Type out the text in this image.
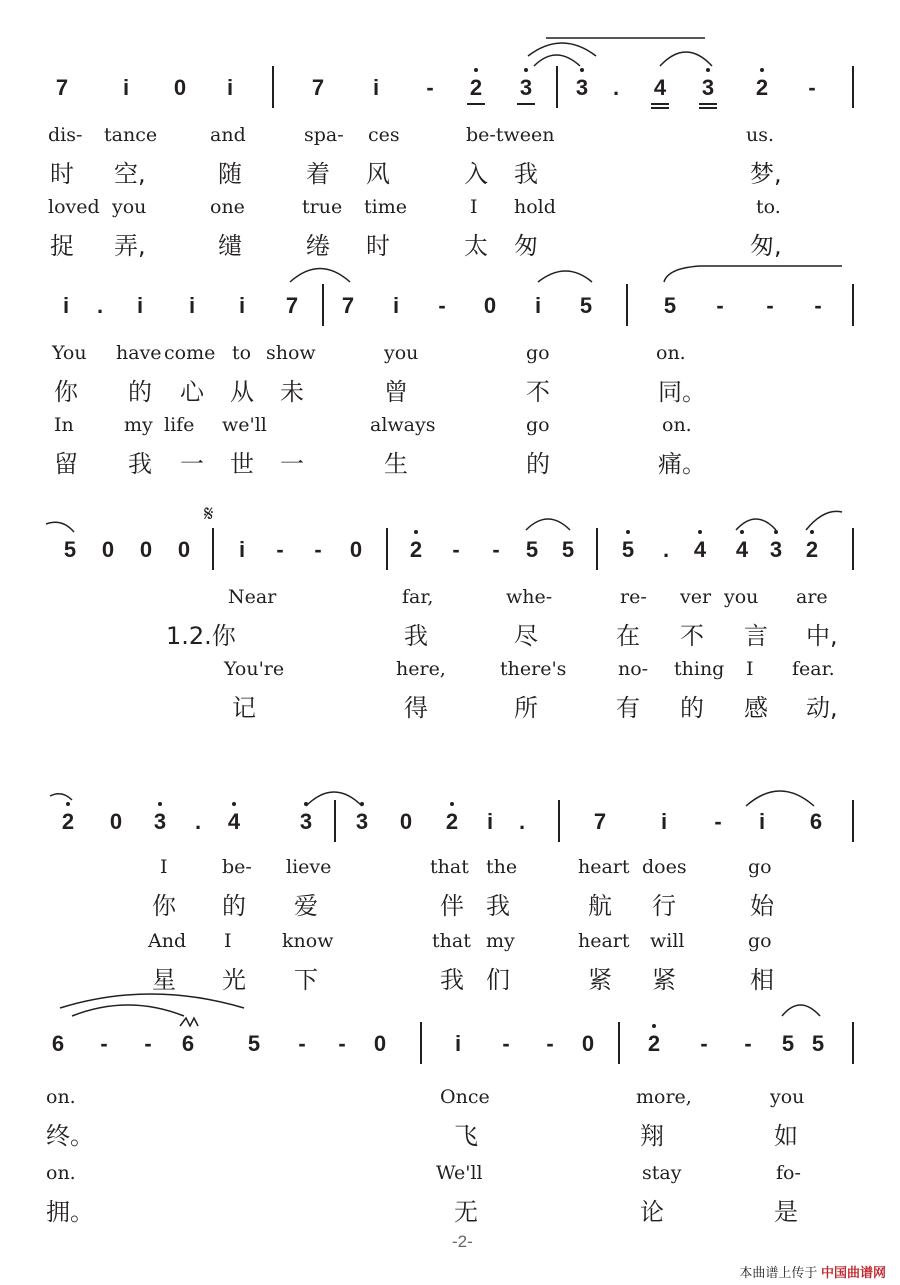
𝄋
7	i	0	i	7	i	-	2 3 3	.	4 3 2	-
dis- tance	and	spa- ces	be-tween	us.
时 空,	随	着 风	入 我	梦,
loved you	one	true time	I hold	to.
捉 弄,	缱	绻 时	太 匆	匆,
i	.	i	i	i	7 7	i	-	0	i	5	5	-	-	-
You have come to show	you	go	on.
你 的 心 从 未	曾	不	同。
In	my life we'll	always	go	on.
留 我 一 世 一	生	的	痛。
5 0 0 0	i	-	-	0 2	-	-	5 5 5	.	4 4 3 2
Near	far,	whe-	re- ver you are
1.2.你	我	尽	在 不 言 中,
You're	here,	there's	no- thing I fear.
记	得	所	有 的 感 动,
2 0 3	.	4	3 3 0 2	i	.	7	i	-	i	6
I	be- lieve	that the	heart does	go
你 的 爱	伴 我	航 行	始
And I	know	that my	heart will	go
星 光 下	我 们	紧 紧	相
6	-	-	6 5	-	-	0	i	-	-	0 2	-	-	5 5
on.	Once	more,	you
终。	飞	翔	如
on.	We'll	stay	fo-
拥。	无	论	是
-2-
本曲谱上传于 中国曲谱网
